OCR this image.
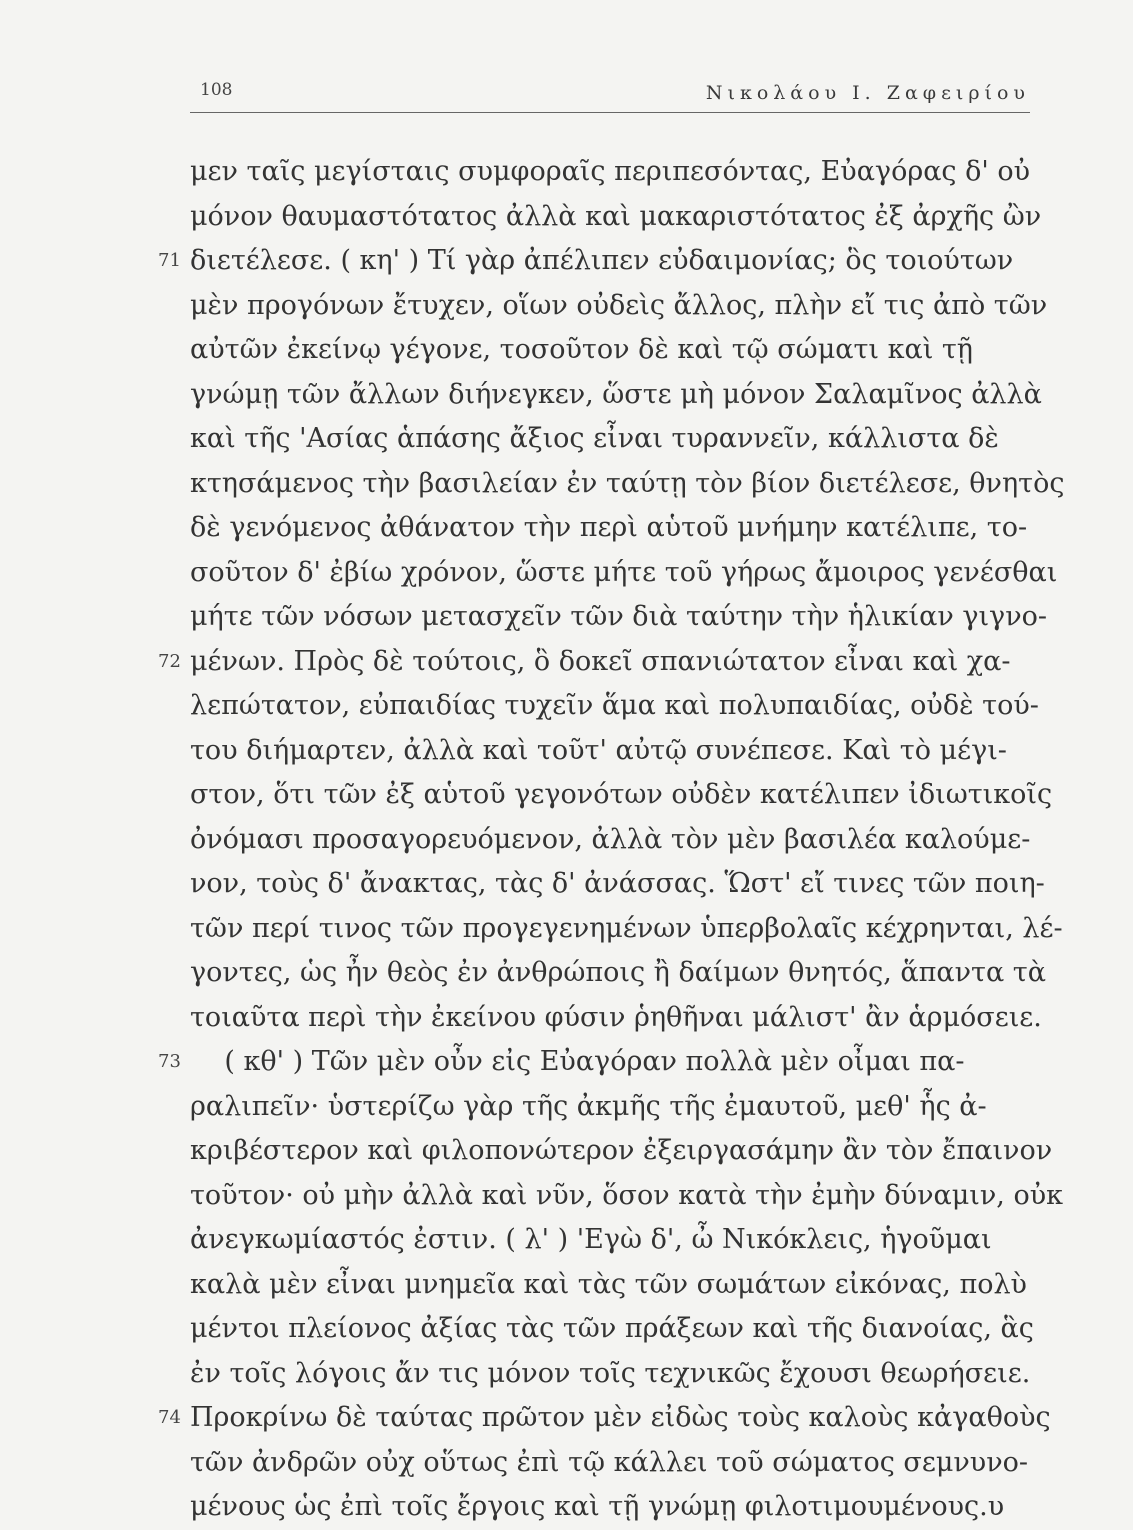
108	Νικολάου Ι. Ζαφειρίου
μεν ταῖς μεγίσταις συμφοραῖς περιπεσόντας, Εὐαγόρας δ' οὐ
μόνον θαυμαστότατος ἀλλὰ καὶ μακαριστότατος ἐξ ἀρχῆς ὢν
71 διετέλεσε. ( κη' ) Τί γὰρ ἀπέλιπεν εὐδαιμονίας; ὃς τοιούτων
μὲν προγόνων ἔτυχεν, οἵων οὐδεὶς ἄλλος, πλὴν εἴ τις ἀπὸ τῶν
αὐτῶν ἐκείνῳ γέγονε, τοσοῦτον δὲ καὶ τῷ σώματι καὶ τῇ
γνώμῃ τῶν ἄλλων διήνεγκεν, ὥστε μὴ μόνον Σαλαμῖνος ἀλλὰ
καὶ τῆς 'Ασίας ἁπάσης ἄξιος εἶναι τυραννεῖν, κάλλιστα δὲ
κτησάμενος τὴν βασιλείαν ἐν ταύτῃ τὸν βίον διετέλεσε, θνητὸς
δὲ γενόμενος ἀθάνατον τὴν περὶ αὑτοῦ μνήμην κατέλιπε, το-
σοῦτον δ' ἐβίω χρόνον, ὥστε μήτε τοῦ γήρως ἄμοιρος γενέσθαι
μήτε τῶν νόσων μετασχεῖν τῶν διὰ ταύτην τὴν ἡλικίαν γιγνο-
72 μένων. Πρὸς δὲ τούτοις, ὃ δοκεῖ σπανιώτατον εἶναι καὶ χα-
λεπώτατον, εὐπαιδίας τυχεῖν ἅμα καὶ πολυπαιδίας, οὐδὲ τού-
του διήμαρτεν, ἀλλὰ καὶ τοῦτ' αὐτῷ συνέπεσε. Καὶ τὸ μέγι-
στον, ὅτι τῶν ἐξ αὑτοῦ γεγονότων οὐδὲν κατέλιπεν ἰδιωτικοῖς
ὀνόμασι προσαγορευόμενον, ἀλλὰ τὸν μὲν βασιλέα καλούμε-
νον, τοὺς δ' ἄνακτας, τὰς δ' ἀνάσσας. Ὥστ' εἴ τινες τῶν ποιη-
τῶν περί τινος τῶν προγεγενημένων ὑπερβολαῖς κέχρηνται, λέ-
γοντες, ὡς ἦν θεὸς ἐν ἀνθρώποις ἢ δαίμων θνητός, ἅπαντα τὰ
τοιαῦτα περὶ τὴν ἐκείνου φύσιν ῥηθῆναι μάλιστ' ἂν ἁρμόσειε.
73 ( κθ' ) Τῶν μὲν οὖν εἰς Εὐαγόραν πολλὰ μὲν οἶμαι πα-
ραλιπεῖν· ὑστερίζω γὰρ τῆς ἀκμῆς τῆς ἐμαυτοῦ, μεθ' ἧς ἀ-
κριβέστερον καὶ φιλοπονώτερον ἐξειργασάμην ἂν τὸν ἔπαινον
τοῦτον· οὐ μὴν ἀλλὰ καὶ νῦν, ὅσον κατὰ τὴν ἐμὴν δύναμιν, οὐκ
ἀνεγκωμίαστός ἐστιν. ( λ' ) 'Εγὼ δ', ὦ Νικόκλεις, ἡγοῦμαι
καλὰ μὲν εἶναι μνημεῖα καὶ τὰς τῶν σωμάτων εἰκόνας, πολὺ
μέντοι πλείονος ἀξίας τὰς τῶν πράξεων καὶ τῆς διανοίας, ἃς
ἐν τοῖς λόγοις ἄν τις μόνον τοῖς τεχνικῶς ἔχουσι θεωρήσειε.
74 Προκρίνω δὲ ταύτας πρῶτον μὲν εἰδὼς τοὺς καλοὺς κἀγαθοὺς
τῶν ἀνδρῶν οὐχ οὕτως ἐπὶ τῷ κάλλει τοῦ σώματος σεμνυνο-
μένους ὡς ἐπὶ τοῖς ἔργοις καὶ τῇ γνώμῃ φιλοτιμουμένους.υ
